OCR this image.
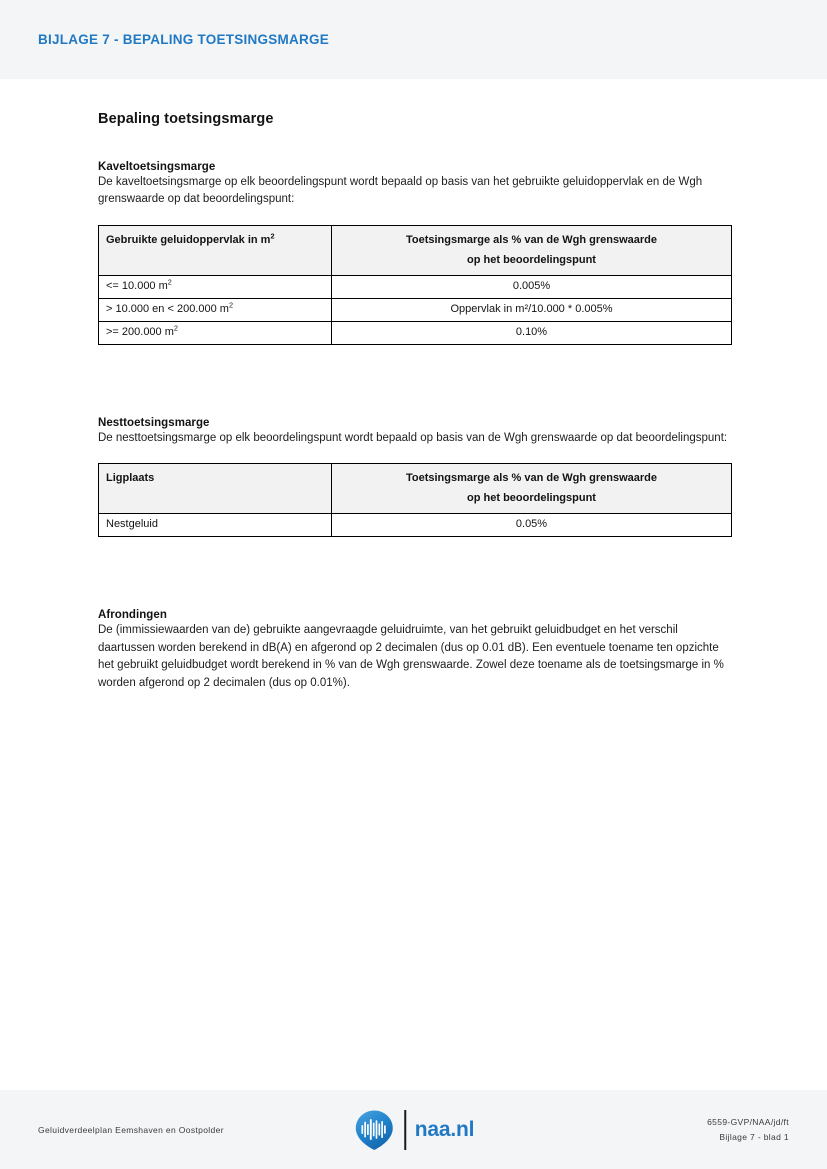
BIJLAGE 7 - BEPALING TOETSINGSMARGE
Bepaling toetsingsmarge
Kaveltoetsingsmarge

De kaveltoetsingsmarge op elk beoordelingspunt wordt bepaald op basis van het gebruikte geluidoppervlak en de Wgh grenswaarde op dat beoordelingspunt:

Gebruikte geluidoppervlak in $m^2$	Toetsingsmarge als % van de Wgh grenswaarde
op het beoordelingspunt

<= 10.000 $m^2$	0.005%
> 10.000 en < 200.000 $m^2$	Oppervlak in m²/10.000 * 0.005%
>= 200.000 $m^2$	0.10%
Nesttoetsingsmarge

De nesttoetsingsmarge op elk beoordelingspunt wordt bepaald op basis van de Wgh grenswaarde op dat beoordelingspunt:

Ligplaats	Toetsingsmarge als % van de Wgh grenswaarde
op het beoordelingspunt

Nestgeluid	0.05%
Afrondingen

De (immissiewaarden van de) gebruikte aangevraagde geluidruimte, van het gebruikt geluidbudget en het verschil daartussen worden berekend in dB(A) en afgerond op 2 decimalen (dus op 0.01 dB). Een eventuele toename ten opzichte het gebruikt geluidbudget wordt berekend in % van de Wgh grenswaarde. Zowel deze toename als de toetsingsmarge in % worden afgerond op 2 decimalen (dus op 0.01%).

Geluidverdeelplan Eemshaven en Oostpolder	naa.nl	6559-GVP/NAA/jd/ft
Bijlage 7 - blad 1
